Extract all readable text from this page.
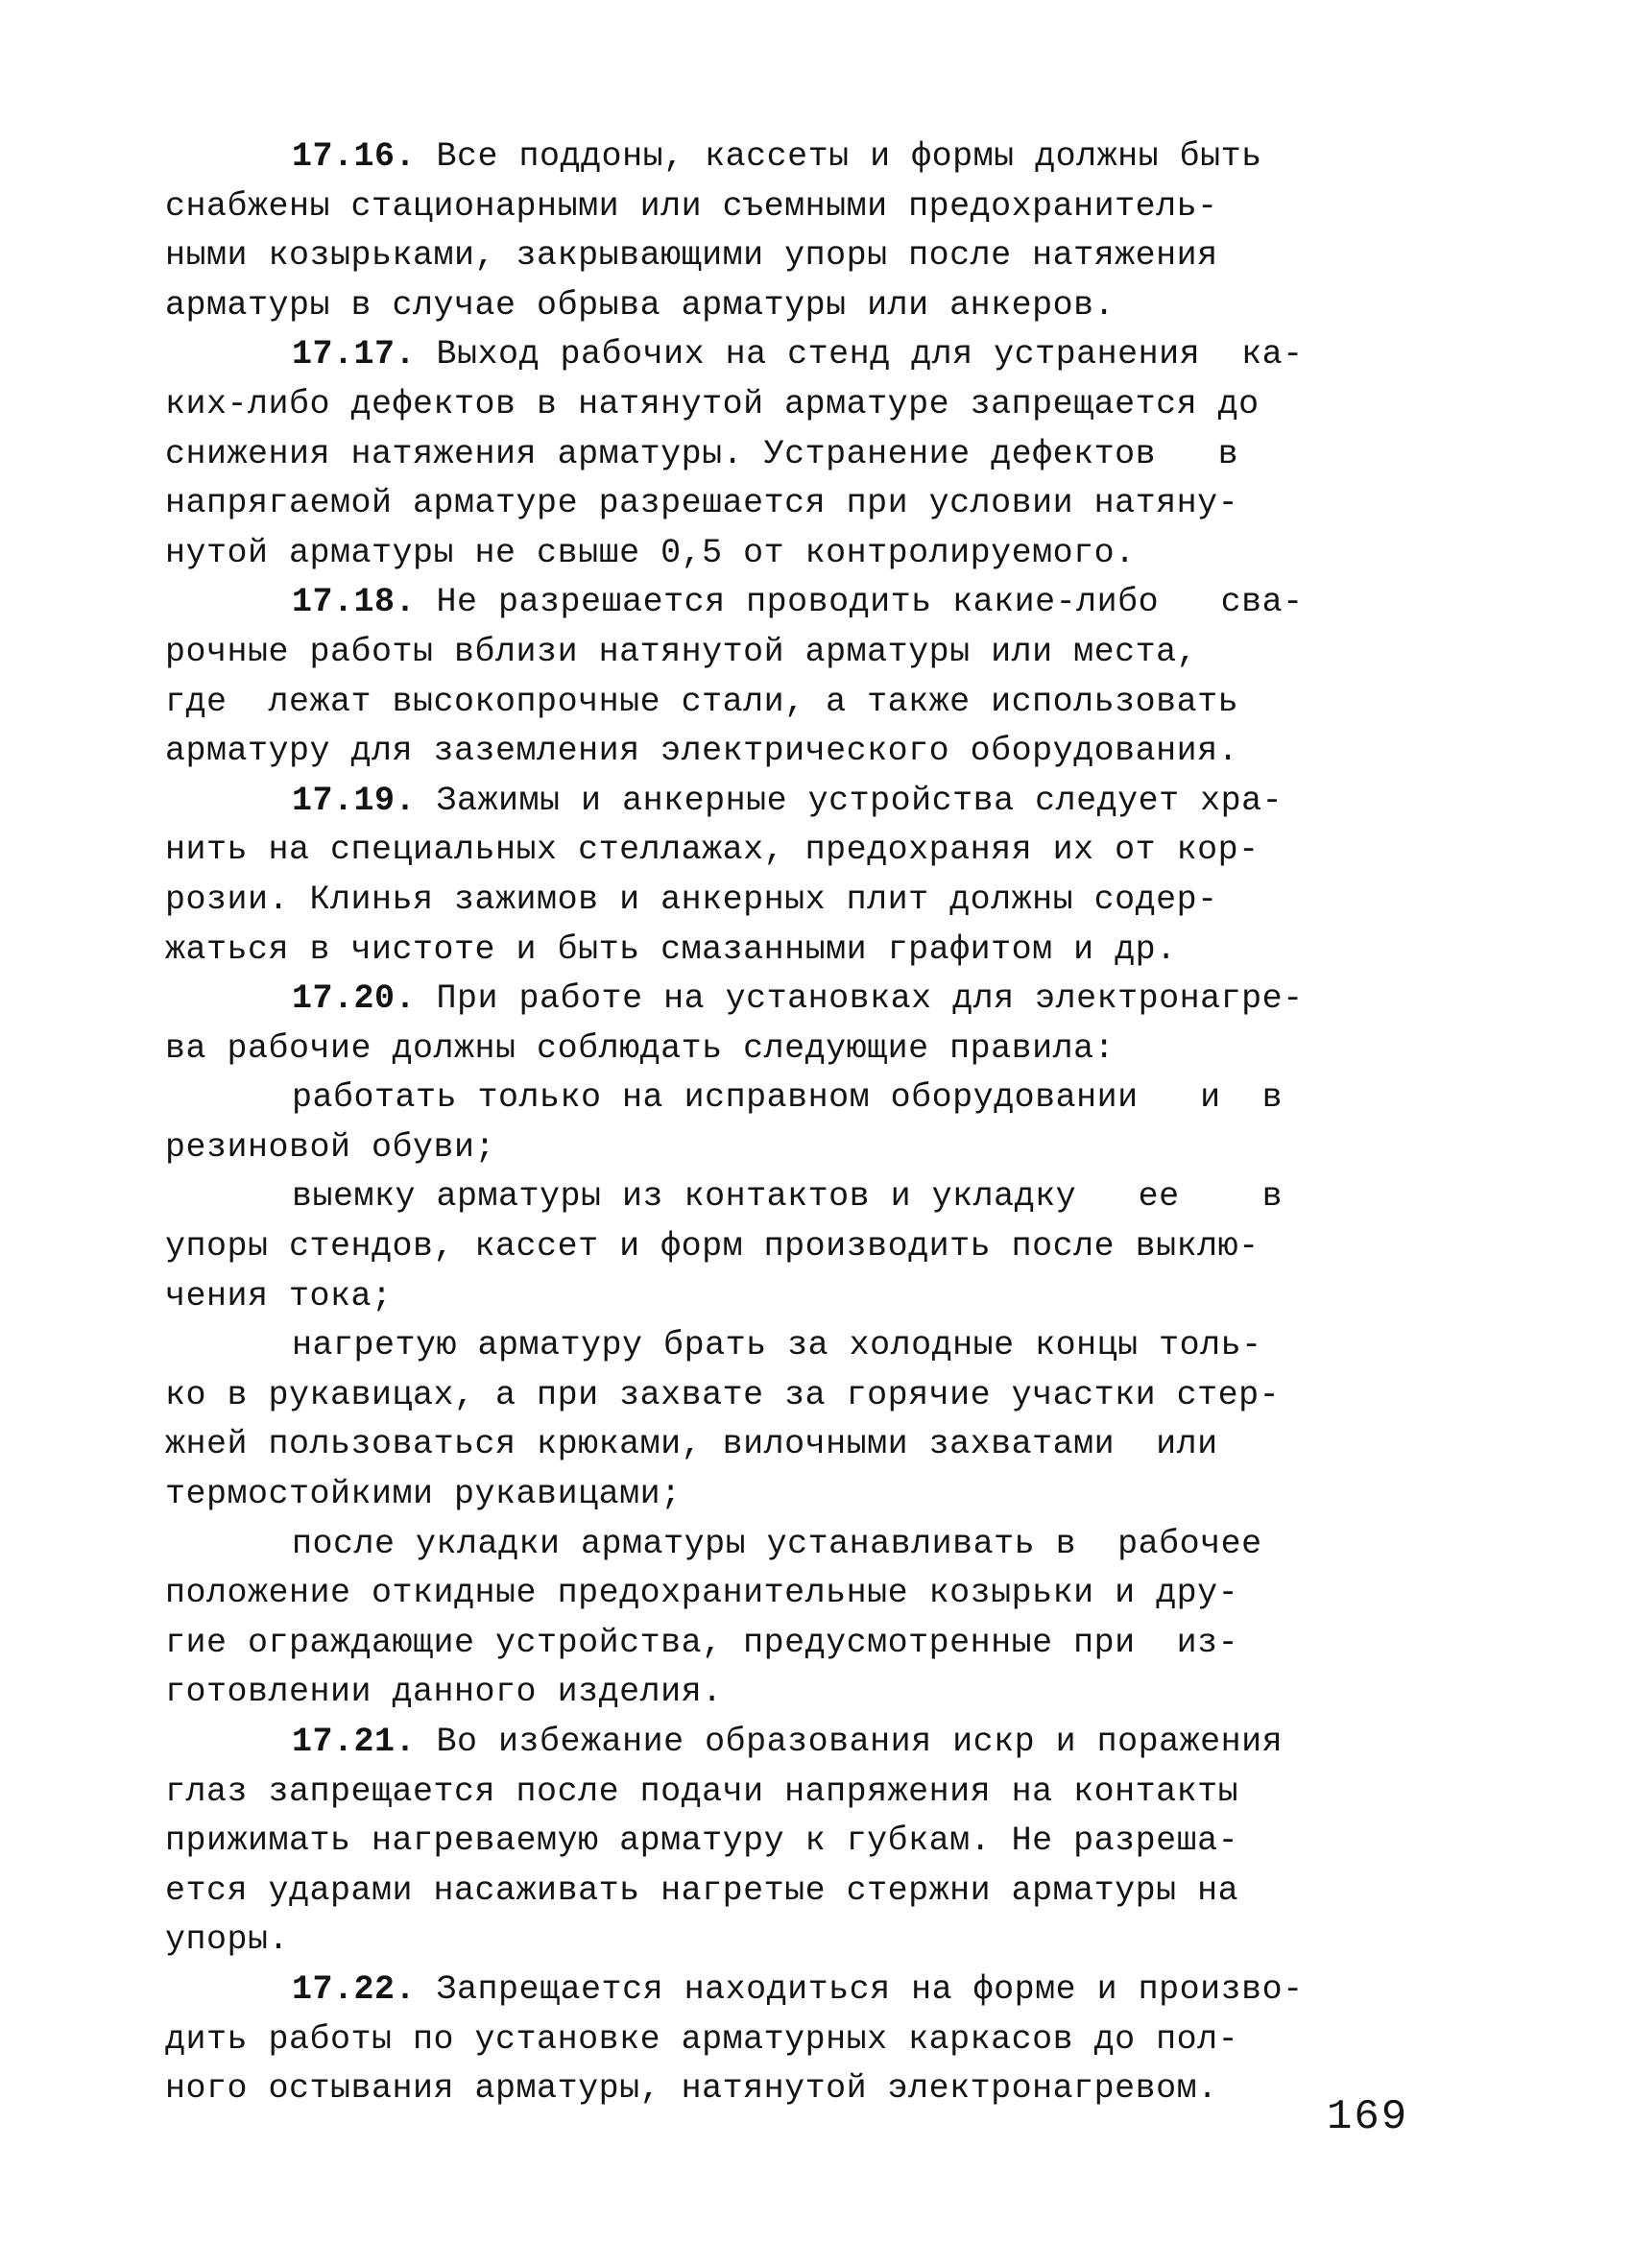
17.16. Все поддоны, кассеты и формы должны быть
снабжены стационарными или съемными предохранитель-
ными козырьками, закрывающими упоры после натяжения
арматуры в случае обрыва арматуры или анкеров.
17.17. Выход рабочих на стенд для устранения  ка-
ких-либо дефектов в натянутой арматуре запрещается до
снижения натяжения арматуры. Устранение дефектов   в
напрягаемой арматуре разрешается при условии натяну-
нутой арматуры не свыше 0,5 от контролируемого.
17.18. Не разрешается проводить какие-либо   сва-
рочные работы вблизи натянутой арматуры или места,
где  лежат высокопрочные стали, а также использовать
арматуру для заземления электрического оборудования.
17.19. Зажимы и анкерные устройства следует хра-
нить на специальных стеллажах, предохраняя их от кор-
розии. Клинья зажимов и анкерных плит должны содер-
жаться в чистоте и быть смазанными графитом и др.
17.20. При работе на установках для электронагре-
ва рабочие должны соблюдать следующие правила:
работать только на исправном оборудовании   и  в
резиновой обуви;
выемку арматуры из контактов и укладку   ее    в
упоры стендов, кассет и форм производить после выклю-
чения тока;
нагретую арматуру брать за холодные концы толь-
ко в рукавицах, а при захвате за горячие участки стер-
жней пользоваться крюками, вилочными захватами  или
термостойкими рукавицами;
после укладки арматуры устанавливать в  рабочее
положение откидные предохранительные козырьки и дру-
гие ограждающие устройства, предусмотренные при  из-
готовлении данного изделия.
17.21. Во избежание образования искр и поражения
глаз запрещается после подачи напряжения на контакты
прижимать нагреваемую арматуру к губкам. Не разреша-
ется ударами насаживать нагретые стержни арматуры на
упоры.
17.22. Запрещается находиться на форме и произво-
дить работы по установке арматурных каркасов до пол-
ного остывания арматуры, натянутой электронагревом.
169
